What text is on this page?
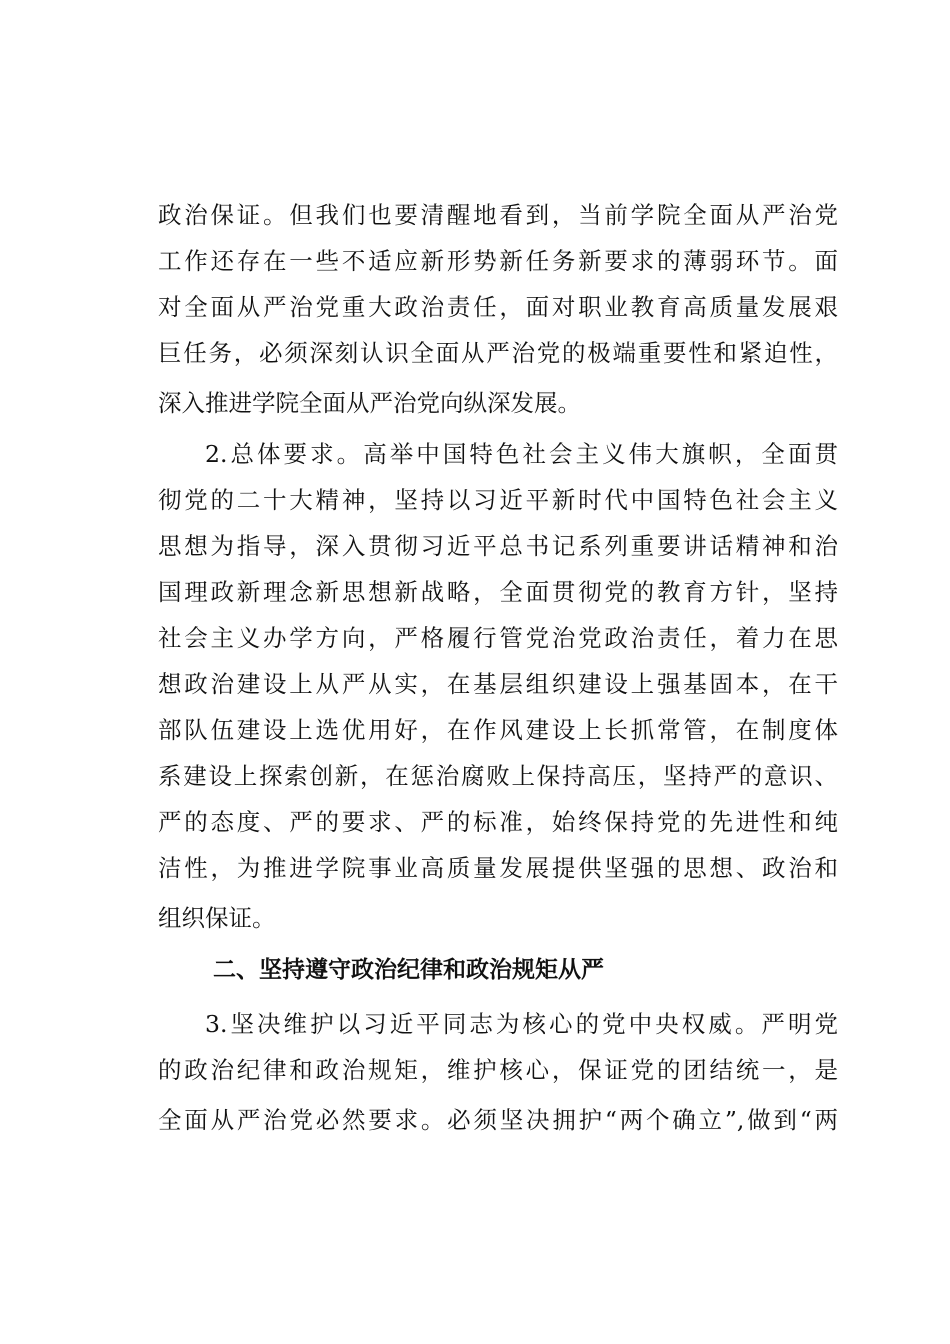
政治保证。但我们也要清醒地看到，当前学院全面从严治党
工作还存在一些不适应新形势新任务新要求的薄弱环节。面
对全面从严治党重大政治责任，面对职业教育高质量发展艰
巨任务，必须深刻认识全面从严治党的极端重要性和紧迫性，
深入推进学院全面从严治党向纵深发展。
2.总体要求。高举中国特色社会主义伟大旗帜，全面贯
彻党的二十大精神，坚持以习近平新时代中国特色社会主义
思想为指导，深入贯彻习近平总书记系列重要讲话精神和治
国理政新理念新思想新战略，全面贯彻党的教育方针，坚持
社会主义办学方向，严格履行管党治党政治责任，着力在思
想政治建设上从严从实，在基层组织建设上强基固本，在干
部队伍建设上选优用好，在作风建设上长抓常管，在制度体
系建设上探索创新，在惩治腐败上保持高压，坚持严的意识、
严的态度、严的要求、严的标准，始终保持党的先进性和纯
洁性，为推进学院事业高质量发展提供坚强的思想、政治和
组织保证。
二、坚持遵守政治纪律和政治规矩从严
3.坚决维护以习近平同志为核心的党中央权威。严明党
的政治纪律和政治规矩，维护核心，保证党的团结统一，是
全面从严治党必然要求。必须坚决拥护“两个确立”,做到“两
